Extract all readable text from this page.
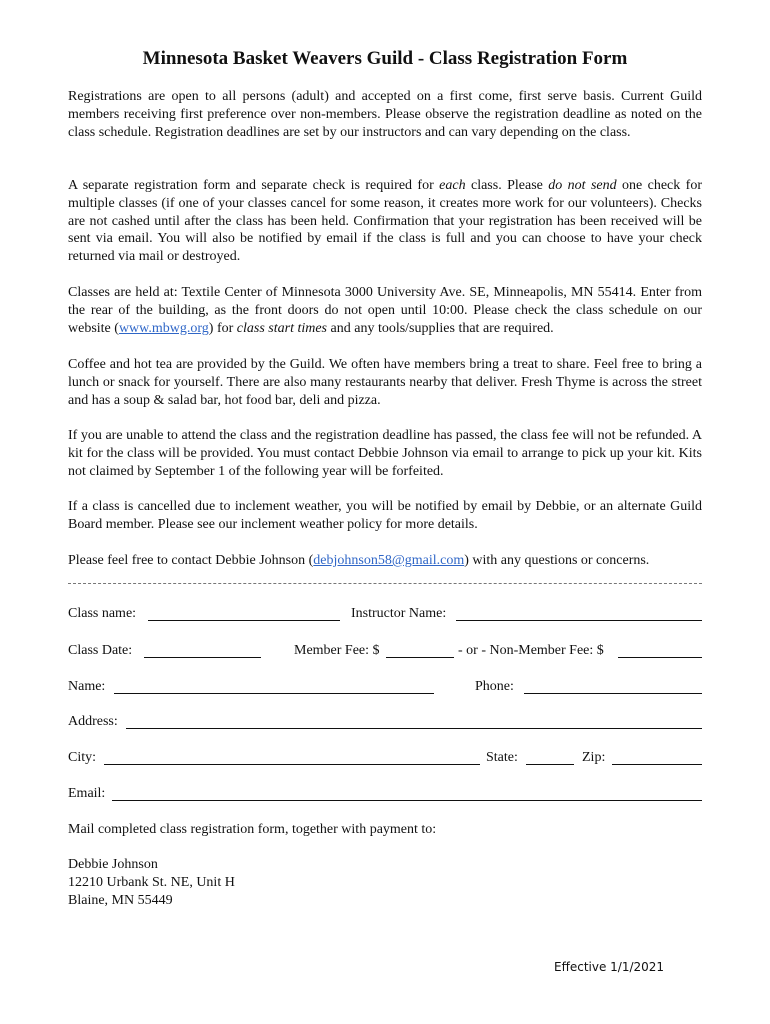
Minnesota Basket Weavers Guild - Class Registration Form

Registrations are open to all persons (adult) and accepted on a first come, first serve basis. Current Guild members receiving first preference over non-members. Please observe the registration deadline as noted on the class schedule. Registration deadlines are set by our instructors and can vary depending on the class.

A separate registration form and separate check is required for each class. Please do not send one check for multiple classes (if one of your classes cancel for some reason, it creates more work for our volunteers). Checks are not cashed until after the class has been held. Confirmation that your registration has been received will be sent via email. You will also be notified by email if the class is full and you can choose to have your check returned via mail or destroyed.

Classes are held at: Textile Center of Minnesota 3000 University Ave. SE, Minneapolis, MN 55414. Enter from the rear of the building, as the front doors do not open until 10:00. Please check the class schedule on our website (www.mbwg.org) for class start times and any tools/supplies that are required.

Coffee and hot tea are provided by the Guild. We often have members bring a treat to share. Feel free to bring a lunch or snack for yourself. There are also many restaurants nearby that deliver. Fresh Thyme is across the street and has a soup & salad bar, hot food bar, deli and pizza.

If you are unable to attend the class and the registration deadline has passed, the class fee will not be refunded. A kit for the class will be provided. You must contact Debbie Johnson via email to arrange to pick up your kit. Kits not claimed by September 1 of the following year will be forfeited.

If a class is cancelled due to inclement weather, you will be notified by email by Debbie, or an alternate Guild Board member. Please see our inclement weather policy for more details.

Please feel free to contact Debbie Johnson (debjohnson58@gmail.com) with any questions or concerns.

Class name:	Instructor Name:
Class Date:	Member Fee: $	- or - Non-Member Fee: $
Name:	Phone:
Address:
City:	State:	Zip:
Email:

Mail completed class registration form, together with payment to:

Debbie Johnson
12210 Urbank St. NE, Unit H
Blaine, MN 55449
Effective 1/1/2021
